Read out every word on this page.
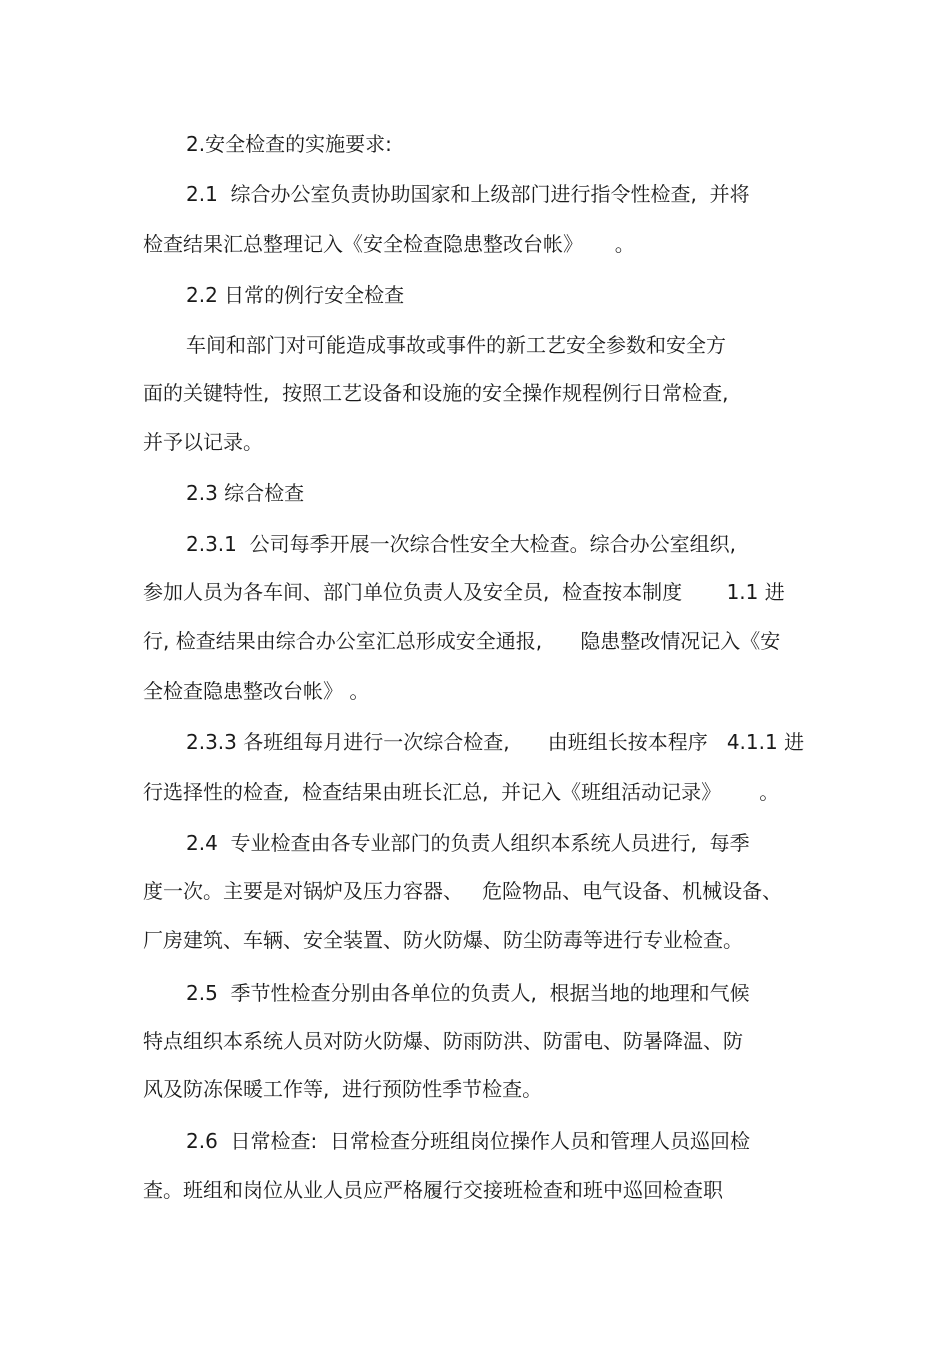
2.安全检查的实施要求:

2.1  综合办公室负责协助国家和上级部门进行指令性检查,  并将

检查结果汇总整理记入《安全检查隐患整改台帐》     。

2.2 日常的例行安全检查

车间和部门对可能造成事故或事件的新工艺安全参数和安全方

面的关键特性,  按照工艺设备和设施的安全操作规程例行日常检查,

并予以记录。

2.3 综合检查

2.3.1  公司每季开展一次综合性安全大检查。综合办公室组织,

参加人员为各车间、部门单位负责人及安全员,  检查按本制度       1.1 进

行, 检查结果由综合办公室汇总形成安全通报,      隐患整改情况记入《安

全检查隐患整改台帐》 。

2.3.3 各班组每月进行一次综合检查,      由班组长按本程序   4.1.1 进

行选择性的检查,  检查结果由班长汇总,  并记入《班组活动记录》      。

2.4  专业检查由各专业部门的负责人组织本系统人员进行,  每季

度一次。主要是对锅炉及压力容器、   危险物品、电气设备、机械设备、

厂房建筑、车辆、安全装置、防火防爆、防尘防毒等进行专业检查。

2.5  季节性检查分别由各单位的负责人,  根据当地的地理和气候

特点组织本系统人员对防火防爆、防雨防洪、防雷电、防暑降温、防

风及防冻保暖工作等,  进行预防性季节检查。

2.6  日常检查:  日常检查分班组岗位操作人员和管理人员巡回检

查。班组和岗位从业人员应严格履行交接班检查和班中巡回检查职
